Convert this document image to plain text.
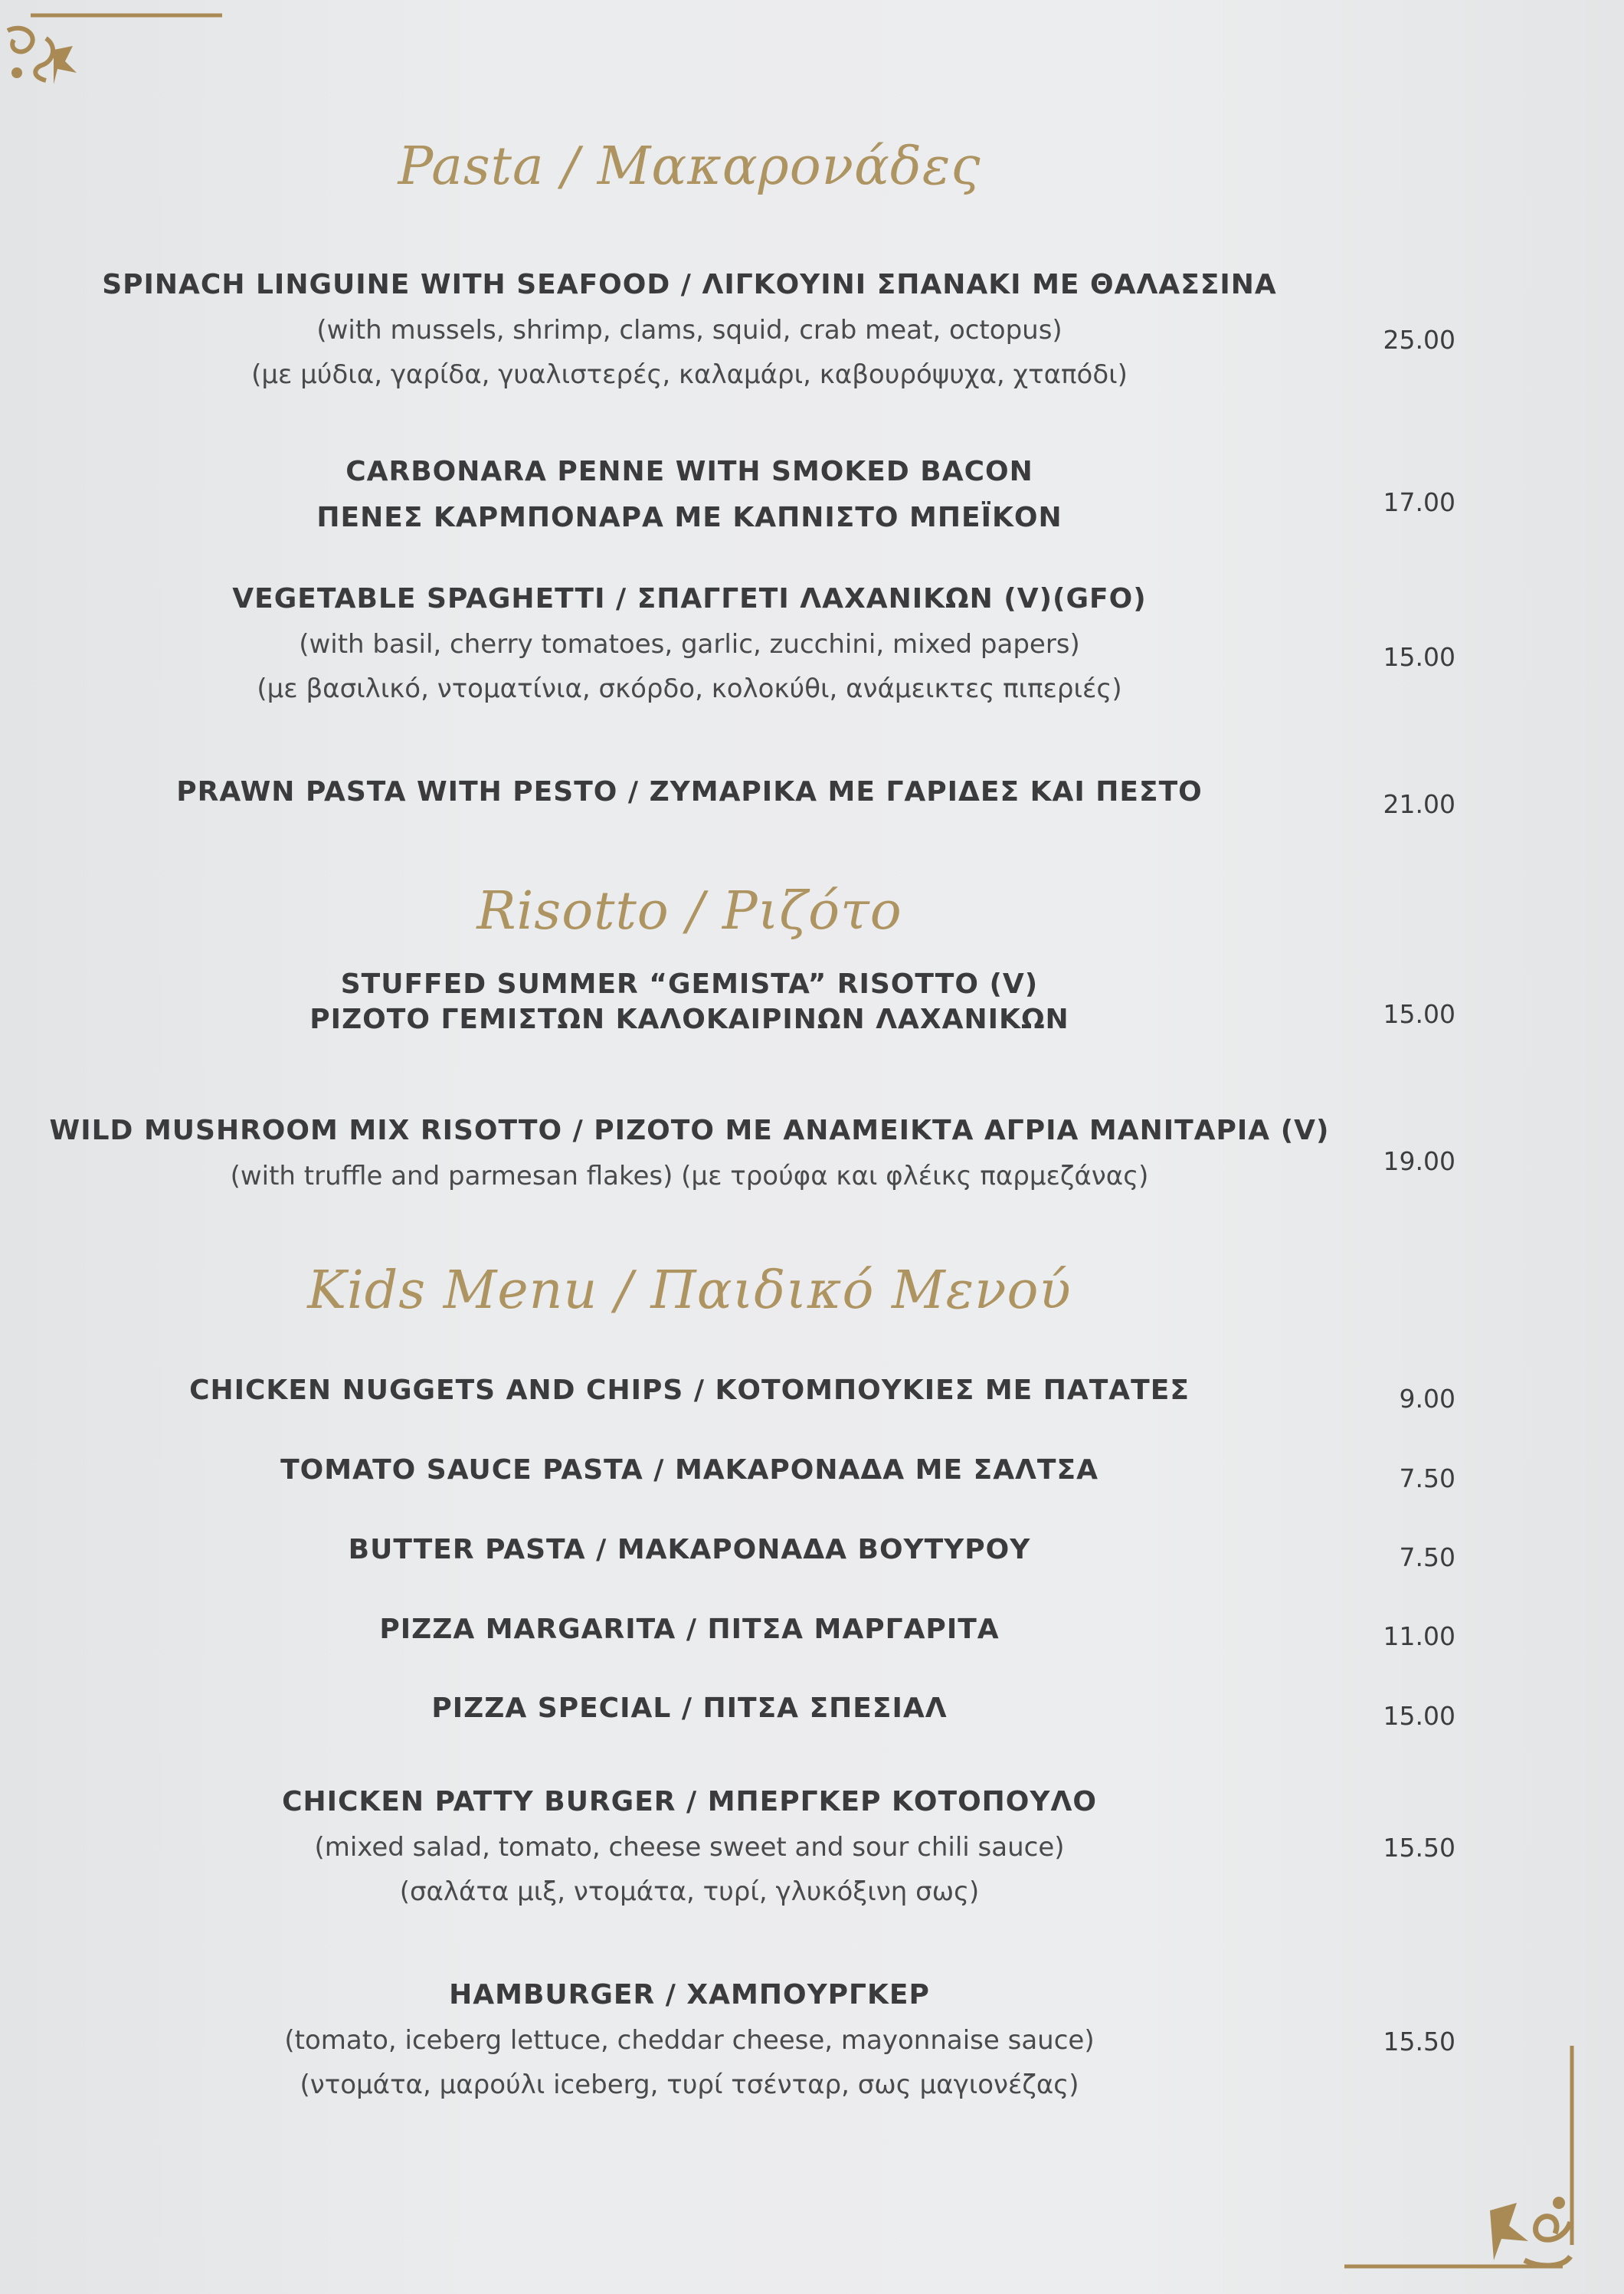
Pasta / Μακαρονάδες
SPINACH LINGUINE WITH SEAFOOD / ΛΙΓΚΟΥΙΝΙ ΣΠΑΝΑΚΙ ΜΕ ΘΑΛΑΣΣΙΝΑ
(with mussels, shrimp, clams, squid, crab meat, octopus)
(με μύδια, γαρίδα, γυαλιστερές, καλαμάρι, καβουρόψυχα, χταπόδι)
25.00
CARBONARA PENNE WITH SMOKED BACON
ΠΕΝΕΣ ΚΑΡΜΠΟΝΑΡΑ ΜΕ ΚΑΠΝΙΣΤΟ ΜΠΕΪΚΟΝ	17.00
VEGETABLE SPAGHETTI / ΣΠΑΓΓΕΤΙ ΛΑΧΑΝΙΚΩΝ (V)(GFO)
(with basil, cherry tomatoes, garlic, zucchini, mixed papers)
(με βασιλικό, ντοματίνια, σκόρδο, κολοκύθι, ανάμεικτες πιπεριές)
15.00
PRAWN PASTA WITH PESTO / ΖΥΜΑΡΙΚΑ ΜΕ ΓΑΡΙΔΕΣ ΚΑΙ ΠΕΣΤΟ	21.00
Risotto / Ριζότο
STUFFED SUMMER “GEMISTA” RISOTTO (V)
ΡΙΖΟΤΟ ΓΕΜΙΣΤΩΝ ΚΑΛΟΚΑΙΡΙΝΩΝ ΛΑΧΑΝΙΚΩΝ	15.00
WILD MUSHROOM MIX RISOTTO / ΡΙΖΟΤΟ ΜΕ ΑΝΑΜΕΙΚΤΑ ΑΓΡΙΑ ΜΑΝΙΤΑΡΙΑ (V)
(with truffle and parmesan flakes) (με τρούφα και φλέικς παρμεζάνας)	19.00
Kids Menu / Παιδικό Μενού
CHICKEN NUGGETS AND CHIPS / ΚΟΤΟΜΠΟΥΚΙΕΣ ΜΕ ΠΑΤΑΤΕΣ	9.00
TOMATO SAUCE PASTA / ΜΑΚΑΡΟΝΑΔΑ ΜΕ ΣΑΛΤΣΑ	7.50
BUTTER PASTA / ΜΑΚΑΡΟΝΑΔΑ ΒΟΥΤΥΡΟΥ	7.50
PIZZA MARGARITA / ΠΙΤΣΑ ΜΑΡΓΑΡΙΤΑ	11.00
PIZZA SPECIAL / ΠΙΤΣΑ ΣΠΕΣΙΑΛ	15.00
CHICKEN PATTY BURGER / ΜΠΕΡΓΚΕΡ ΚΟΤΟΠΟΥΛΟ
(mixed salad, tomato, cheese sweet and sour chili sauce)
(σαλάτα μιξ, ντομάτα, τυρί, γλυκόξινη σως)
15.50
HAMBURGER / ΧΑΜΠΟΥΡΓΚΕΡ
(tomato, iceberg lettuce, cheddar cheese, mayonnaise sauce)
(ντομάτα, μαρούλι iceberg, τυρί τσένταρ, σως μαγιονέζας)
15.50
